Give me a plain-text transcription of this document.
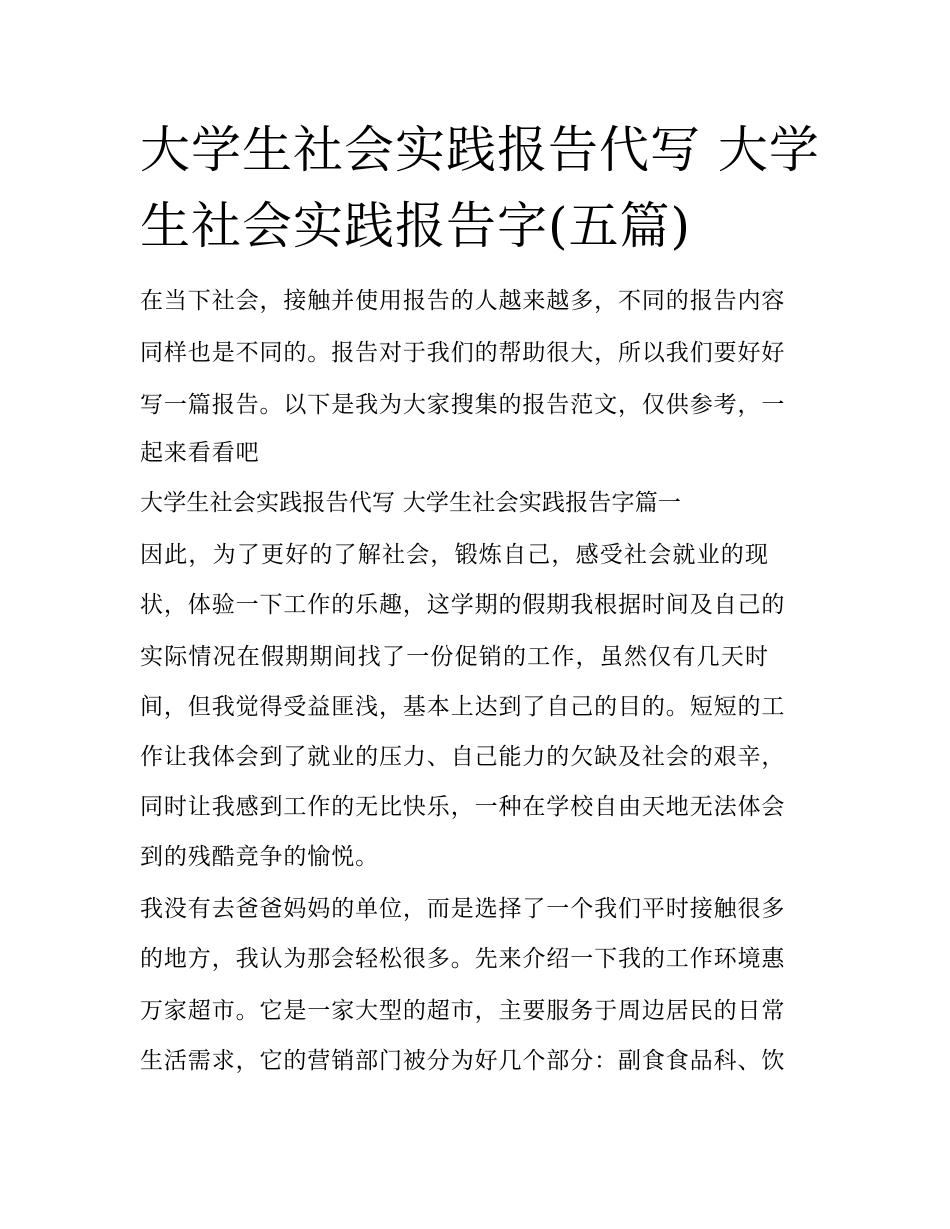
大学生社会实践报告代写 大学
生社会实践报告字(五篇)

在当下社会，接触并使用报告的人越来越多，不同的报告内容

同样也是不同的。报告对于我们的帮助很大，所以我们要好好

写一篇报告。以下是我为大家搜集的报告范文，仅供参考，一

起来看看吧

大学生社会实践报告代写 大学生社会实践报告字篇一

因此，为了更好的了解社会，锻炼自己，感受社会就业的现

状，体验一下工作的乐趣，这学期的假期我根据时间及自己的

实际情况在假期期间找了一份促销的工作，虽然仅有几天时

间，但我觉得受益匪浅，基本上达到了自己的目的。短短的工

作让我体会到了就业的压力、自己能力的欠缺及社会的艰辛，

同时让我感到工作的无比快乐，一种在学校自由天地无法体会

到的残酷竞争的愉悦。

我没有去爸爸妈妈的单位，而是选择了一个我们平时接触很多

的地方，我认为那会轻松很多。先来介绍一下我的工作环境惠

万家超市。它是一家大型的超市，主要服务于周边居民的日常

生活需求，它的营销部门被分为好几个部分：副食食品科、饮
